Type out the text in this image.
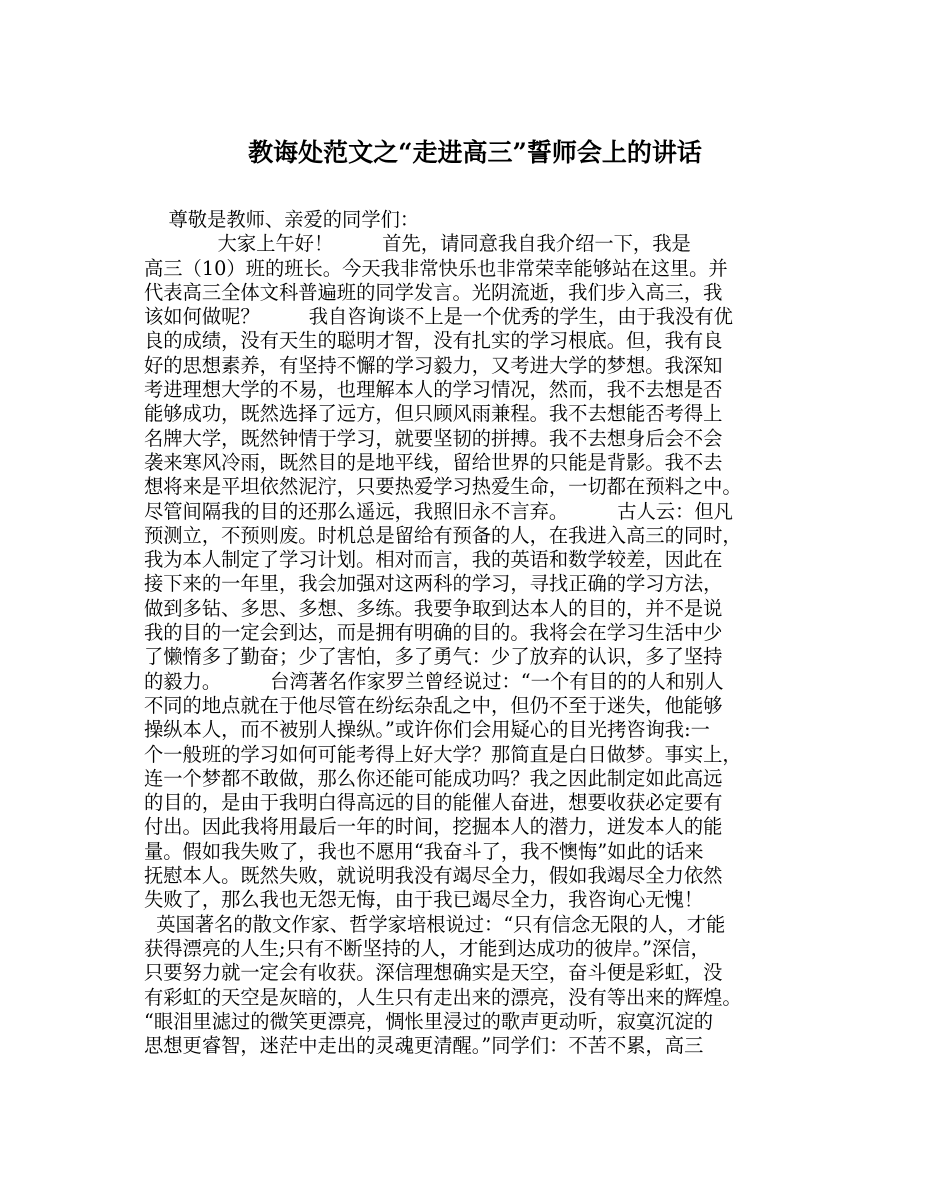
教诲处范文之“走进高三”誓师会上的讲话
尊敬是教师、亲爱的同学们：
大家上午好！        首先，请同意我自我介绍一下，我是
高三（10）班的班长。今天我非常快乐也非常荣幸能够站在这里。并
代表高三全体文科普遍班的同学发言。光阴流逝，我们步入高三，我
该如何做呢？        我自咨询谈不上是一个优秀的学生，由于我没有优
良的成绩，没有天生的聪明才智，没有扎实的学习根底。但，我有良
好的思想素养，有坚持不懈的学习毅力，又考进大学的梦想。我深知
考进理想大学的不易，也理解本人的学习情况，然而，我不去想是否
能够成功，既然选择了远方，但只顾风雨兼程。我不去想能否考得上
名牌大学，既然钟情于学习，就要坚韧的拼搏。我不去想身后会不会
袭来寒风冷雨，既然目的是地平线，留给世界的只能是背影。我不去
想将来是平坦依然泥泞，只要热爱学习热爱生命，一切都在预料之中。
尽管间隔我的目的还那么遥远，我照旧永不言弃。        古人云：但凡
预测立，不预则废。时机总是留给有预备的人，在我进入高三的同时，
我为本人制定了学习计划。相对而言，我的英语和数学较差，因此在
接下来的一年里，我会加强对这两科的学习，寻找正确的学习方法，
做到多钻、多思、多想、多练。我要争取到达本人的目的，并不是说
我的目的一定会到达，而是拥有明确的目的。我将会在学习生活中少
了懒惰多了勤奋；少了害怕，多了勇气：少了放弃的认识，多了坚持
的毅力。        台湾著名作家罗兰曾经说过：“一个有目的的人和别人
不同的地点就在于他尽管在纷纭杂乱之中，但仍不至于迷失，他能够
操纵本人，而不被别人操纵。”或许你们会用疑心的目光拷咨询我:一
个一般班的学习如何可能考得上好大学？那简直是白日做梦。事实上，
连一个梦都不敢做，那么你还能可能成功吗？我之因此制定如此高远
的目的，是由于我明白得高远的目的能催人奋进，想要收获必定要有
付出。因此我将用最后一年的时间，挖掘本人的潜力，迸发本人的能
量。假如我失败了，我也不愿用“我奋斗了，我不懊悔”如此的话来
抚慰本人。既然失败，就说明我没有竭尽全力，假如我竭尽全力依然
失败了，那么我也无怨无悔，由于我已竭尽全力，我咨询心无愧！
英国著名的散文作家、哲学家培根说过：“只有信念无限的人，才能
获得漂亮的人生;只有不断坚持的人，才能到达成功的彼岸。”深信，
只要努力就一定会有收获。深信理想确实是天空，奋斗便是彩虹，没
有彩虹的天空是灰暗的，人生只有走出来的漂亮，没有等出来的辉煌。
“眼泪里滤过的微笑更漂亮，惆怅里浸过的歌声更动听，寂寞沉淀的
思想更睿智，迷茫中走出的灵魂更清醒。”同学们：不苦不累，高三
